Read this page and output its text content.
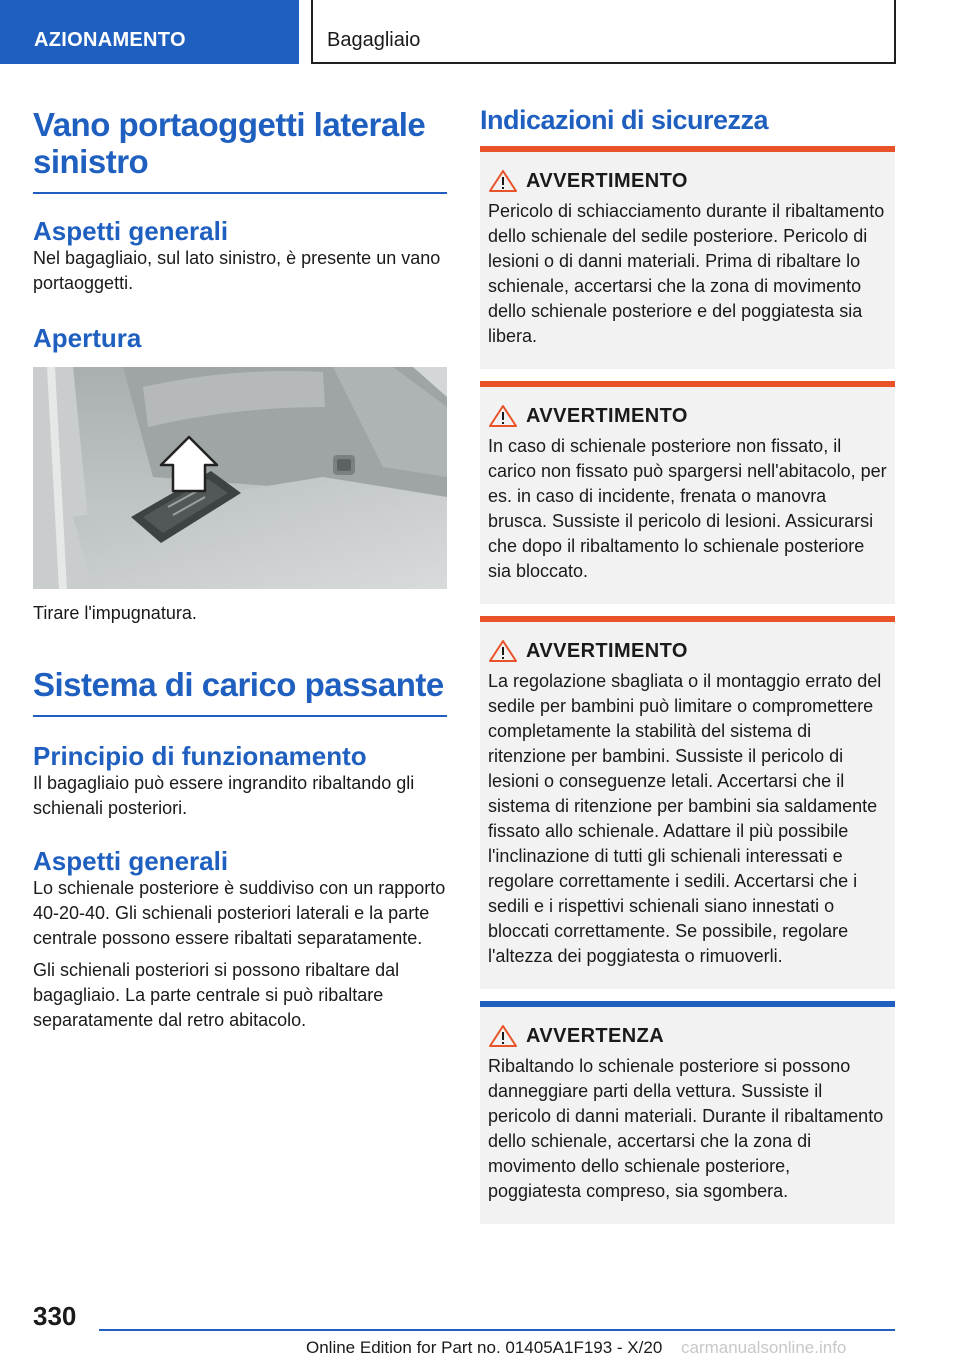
AZIONAMENTO	Bagagliaio
Vano portaoggetti laterale sinistro
Aspetti generali
Nel bagagliaio, sul lato sinistro, è presente un vano portaoggetti.
Apertura
Tirare l'impugnatura.
Sistema di carico passante
Principio di funzionamento
Il bagagliaio può essere ingrandito ribaltando gli schienali posteriori.
Aspetti generali
Lo schienale posteriore è suddiviso con un rapporto 40-20-40. Gli schienali posteriori laterali e la parte centrale possono essere ribaltati separatamente.
Gli schienali posteriori si possono ribaltare dal bagagliaio. La parte centrale si può ribaltare separatamente dal retro abitacolo.
Indicazioni di sicurezza
AVVERTIMENTO
Pericolo di schiacciamento durante il ribaltamento dello schienale del sedile posteriore. Pericolo di lesioni o di danni materiali. Prima di ribaltare lo schienale, accertarsi che la zona di movimento dello schienale posteriore e del poggiatesta sia libera.
AVVERTIMENTO
In caso di schienale posteriore non fissato, il carico non fissato può spargersi nell'abitacolo, per es. in caso di incidente, frenata o manovra brusca. Sussiste il pericolo di lesioni. Assicurarsi che dopo il ribaltamento lo schienale posteriore sia bloccato.
AVVERTIMENTO
La regolazione sbagliata o il montaggio errato del sedile per bambini può limitare o compromettere completamente la stabilità del sistema di ritenzione per bambini. Sussiste il pericolo di lesioni o conseguenze letali. Accertarsi che il sistema di ritenzione per bambini sia saldamente fissato allo schienale. Adattare il più possibile l'inclinazione di tutti gli schienali interessati e regolare correttamente i sedili. Accertarsi che i sedili e i rispettivi schienali siano innestati o bloccati correttamente. Se possibile, regolare l'altezza dei poggiatesta o rimuoverli.
AVVERTENZA
Ribaltando lo schienale posteriore si possono danneggiare parti della vettura. Sussiste il pericolo di danni materiali. Durante il ribaltamento dello schienale, accertarsi che la zona di movimento dello schienale posteriore, poggiatesta compreso, sia sgombera.
330
Online Edition for Part no. 01405A1F193 - X/20 carmanualsonline.info
